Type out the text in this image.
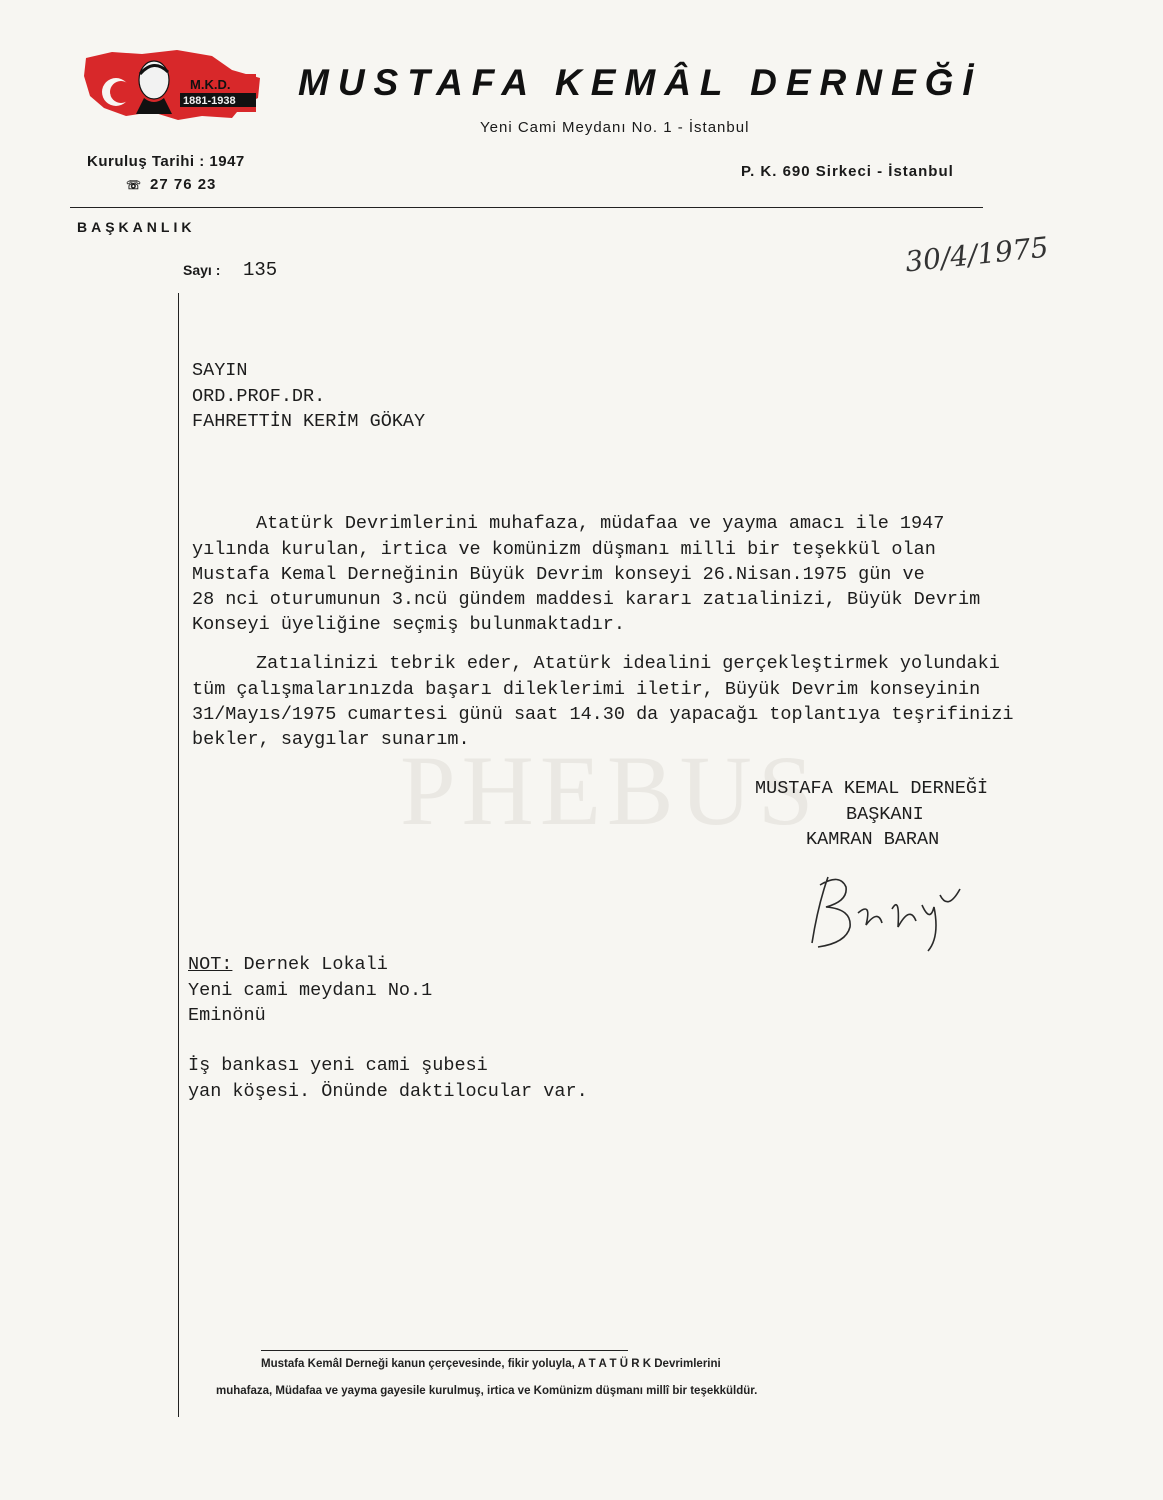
M.K.D.
1881-1938 MUSTAFA KEMÂL DERNEĞİ
Yeni Cami Meydanı No. 1 - İstanbul
Kuruluş Tarihi : 1947
☏ 27 76 23
P. K. 690 Sirkeci - İstanbul
BAŞKANLIK
Sayı : 135	30/4/1975
SAYIN
ORD.PROF.DR.
FAHRETTİN KERİM GÖKAY
Atatürk Devrimlerini muhafaza, müdafaa ve yayma amacı ile 1947
yılında kurulan, irtica ve komünizm düşmanı milli bir teşekkül olan
Mustafa Kemal Derneğinin Büyük Devrim konseyi 26.Nisan.1975 gün ve
28 nci oturumunun 3.ncü gündem maddesi kararı zatıalinizi, Büyük Devrim
Konseyi üyeliğine seçmiş bulunmaktadır.
Zatıalinizi tebrik eder, Atatürk idealini gerçekleştirmek yolundaki
tüm çalışmalarınızda başarı dileklerimi iletir, Büyük Devrim konseyinin
31/Mayıs/1975 cumartesi günü saat 14.30 da yapacağı toplantıya teşrifinizi
bekler, saygılar sunarım.
PHEBUS
MUSTAFA KEMAL DERNEĞİ
BAŞKANI
KAMRAN BARAN
NOT: Dernek Lokali
Yeni cami meydanı No.1
Eminönü
İş bankası yeni cami şubesi
yan köşesi. Önünde daktilocular var.
Mustafa Kemâl Derneği kanun çerçevesinde, fikir yoluyla, A T A T Ü R K Devrimlerini
muhafaza, Müdafaa ve yayma gayesile kurulmuş, irtica ve Komünizm düşmanı millî bir teşekküldür.
